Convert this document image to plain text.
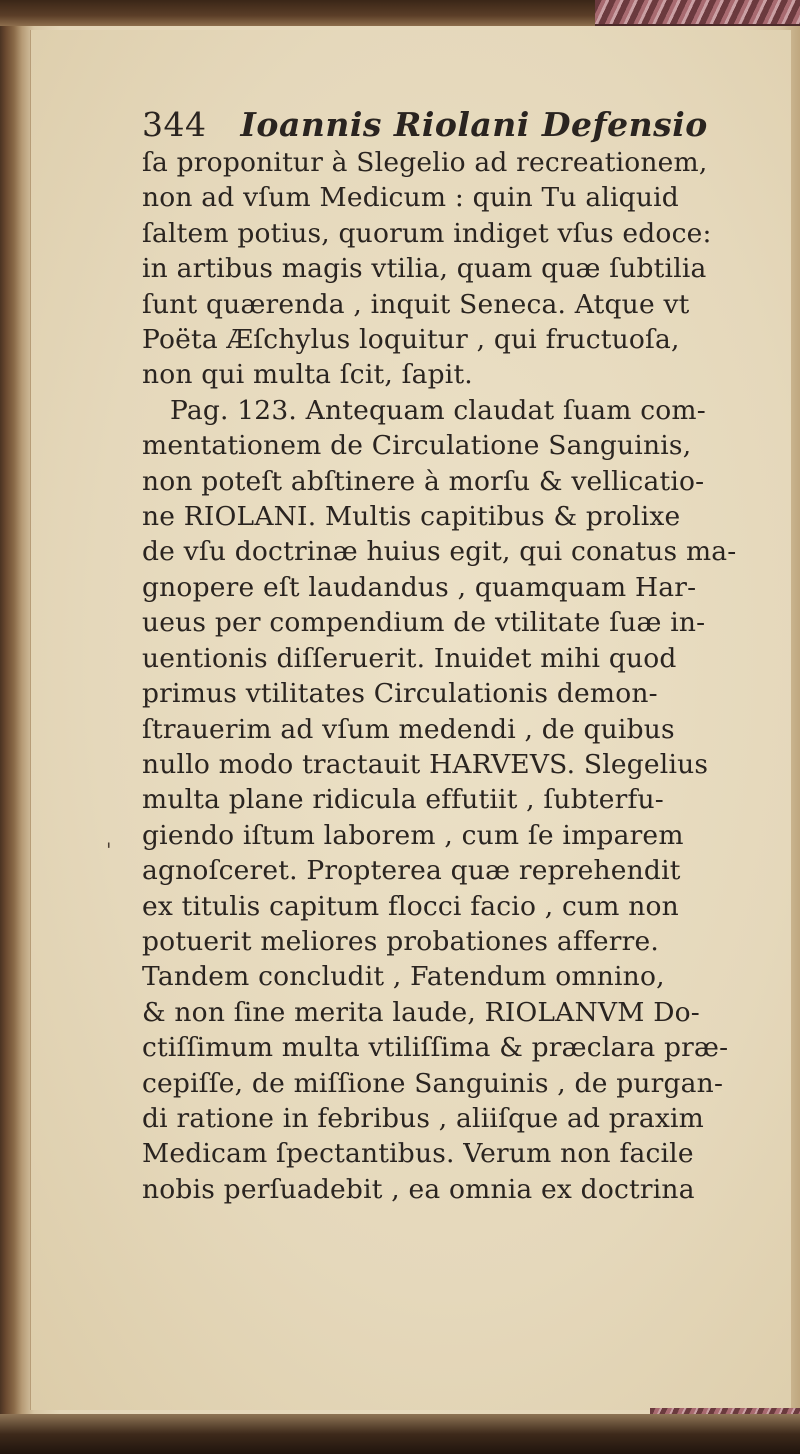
344 Ioannis Riolani Defensio
ſa proponitur à Slegelio ad recreationem,
non ad vſum Medicum : quin Tu aliquid
ſaltem potius, quorum indiget vſus edoce:
in artibus magis vtilia, quam quæ ſubtilia
ſunt quærenda , inquit Seneca. Atque vt
Poëta Æſchylus loquitur , qui fructuoſa,
non qui multa ſcit, ſapit.
Pag. 123. Antequam claudat ſuam com-
mentationem de Circulatione Sanguinis,
non poteſt abſtinere à morſu & vellicatio-
ne RIOLANI. Multis capitibus & prolixe
de vſu doctrinæ huius egit, qui conatus ma-
gnopere eſt laudandus , quamquam Har-
ueus per compendium de vtilitate ſuæ in-
uentionis diſſeruerit. Inuidet mihi quod
primus vtilitates Circulationis demon-
ſtrauerim ad vſum medendi , de quibus
nullo modo tractauit HARVEVS. Slegelius
multa plane ridicula effutiit , ſubterfu-
giendo iſtum laborem , cum ſe imparem
agnoſceret. Propterea quæ reprehendit
ex titulis capitum flocci facio , cum non
potuerit meliores probationes afferre.
Tandem concludit , Fatendum omnino,
& non ſine merita laude, RIOLANVM Do-
ctiſſimum multa vtiliſſima & præclara præ-
cepiſſe, de miſſione Sanguinis , de purgan-
di ratione in febribus , aliiſque ad praxim
Medicam ſpectantibus. Verum non facile
nobis perſuadebit , ea omnia ex doctrina
'
